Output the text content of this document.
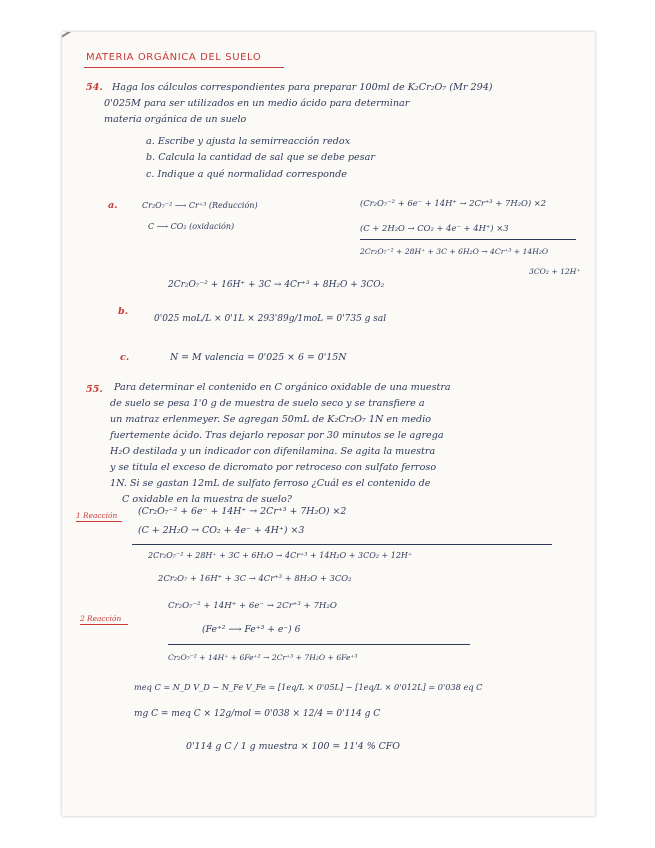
MATERIA ORGÁNICA DEL SUELO
54. Haga los cálculos correspondientes para preparar 100ml de K₂Cr₂O₇ (Mr 294)
0'025M para ser utilizados en un medio ácido para determinar
materia orgánica de un suelo
a. Escribe y ajusta la semirreacción redox
b. Calcula la cantidad de sal que se debe pesar
c. Indique a qué normalidad corresponde
a.	Cr₂O₇⁻² ⟶ Cr⁺³ (Reducción)
C ⟶ CO₂ (oxidación)
(Cr₂O₇⁻² + 6e⁻ + 14H⁺ → 2Cr⁺³ + 7H₂O) ×2
(C + 2H₂O → CO₂ + 4e⁻ + 4H⁺) ×3
2Cr₂O₇⁻² + 28H⁺ + 3C + 6H₂O → 4Cr⁺³ + 14H₂O
3CO₂ + 12H⁺
2Cr₂O₇⁻² + 16H⁺ + 3C → 4Cr⁺³ + 8H₂O + 3CO₂
b.
0'025 moL/L × 0'1L × 293'89g/1moL = 0'735 g sal
c.	N = M valencia = 0'025 × 6 = 0'15N
55. Para determinar el contenido en C orgánico oxidable de una muestra
de suelo se pesa 1'0 g de muestra de suelo seco y se transfiere a
un matraz erlenmeyer. Se agregan 50mL de K₂Cr₂O₇ 1N en medio
fuertemente ácido. Tras dejarlo reposar por 30 minutos se le agrega
H₂O destilada y un indicador con difenilamina. Se agita la muestra
y se titula el exceso de dicromato por retroceso con sulfato ferroso
1N. Si se gastan 12mL de sulfato ferroso ¿Cuál es el contenido de
C oxidable en la muestra de suelo?
1 Reacción (Cr₂O₇⁻² + 6e⁻ + 14H⁺ → 2Cr⁺³ + 7H₂O) ×2
(C + 2H₂O → CO₂ + 4e⁻ + 4H⁺) ×3
2Cr₂O₇⁻² + 28H⁺ + 3C + 6H₂O → 4Cr⁺³ + 14H₂O + 3CO₂ + 12H⁺
2Cr₂O₇ + 16H⁺ + 3C → 4Cr⁺³ + 8H₂O + 3CO₂
2 Reacción
Cr₂O₇⁻² + 14H⁺ + 6e⁻ → 2Cr⁺³ + 7H₂O
(Fe⁺² ⟶ Fe⁺³ + e⁻) 6
Cr₂O₇⁻² + 14H⁺ + 6Fe⁺² → 2Cr⁺³ + 7H₂O + 6Fe⁺³
meq C = N_D V_D − N_Fe V_Fe = [1eq/L × 0'05L] − [1eq/L × 0'012L] = 0'038 eq C
mg C = meq C × 12g/mol = 0'038 × 12/4 = 0'114 g C
0'114 g C / 1 g muestra × 100 = 11'4 % CFO
